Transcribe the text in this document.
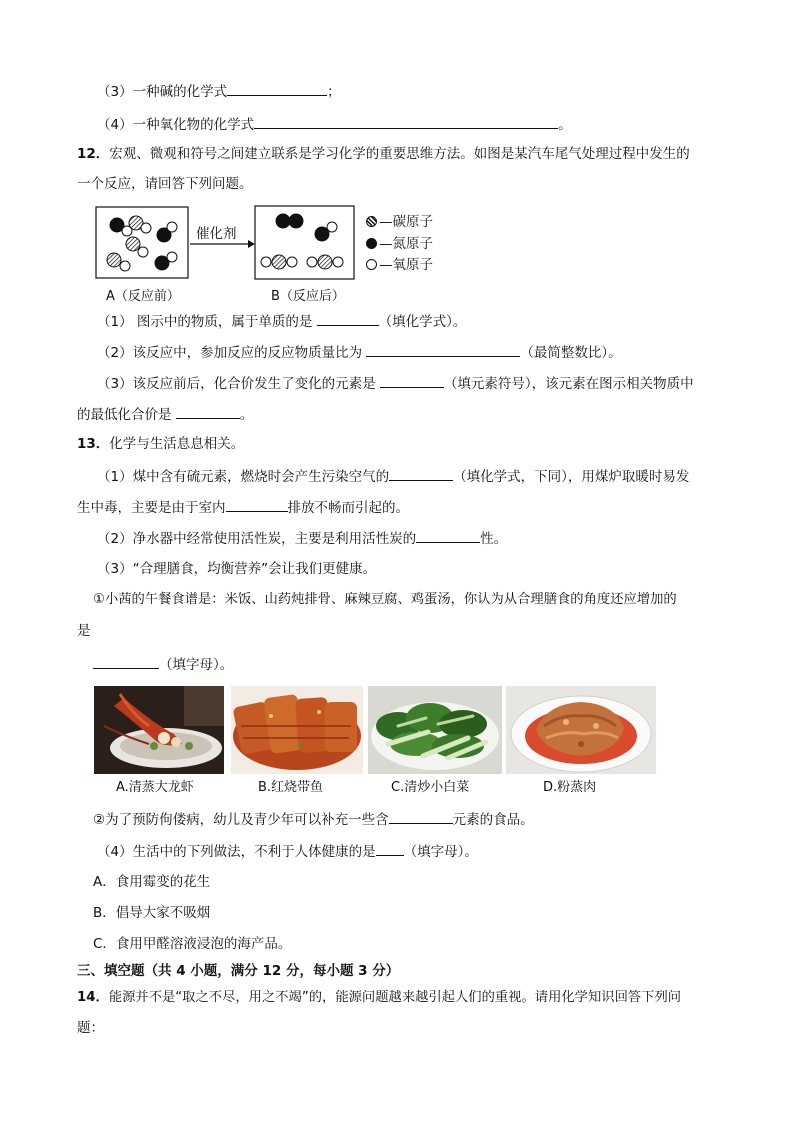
（3）一种碱的化学式	；
（4）一种氧化物的化学式	。
12．宏观、微观和符号之间建立联系是学习化学的重要思维方法。如图是某汽车尾气处理过程中发生的
一个反应，请回答下列问题。
催化剂
—碳原子
—氮原子
—氧原子
A（反应前）	B（反应后）
（1） 图示中的物质，属于单质的是	（填化学式）。
（2）该反应中，参加反应的反应物质量比为	（最简整数比）。
（3）该反应前后，化合价发生了变化的元素是	（填元素符号），该元素在图示相关物质中
的最低化合价是	。
13．化学与生活息息相关。
（1）煤中含有硫元素，燃烧时会产生污染空气的	（填化学式，下同），用煤炉取暖时易发
生中毒，主要是由于室内	排放不畅而引起的。
（2）净水器中经常使用活性炭，主要是利用活性炭的	性。
（3）“合理膳食，均衡营养”会让我们更健康。
①小茜的午餐食谱是：米饭、山药炖排骨、麻辣豆腐、鸡蛋汤，你认为从合理膳食的角度还应增加的
是
（填字母）。
A.清蒸大龙虾	B.红烧带鱼	C.清炒小白菜	D.粉蒸肉
②为了预防佝偻病，幼儿及青少年可以补充一些含	元素的食品。
（4）生活中的下列做法，不利于人体健康的是 （填字母）。
A．食用霉变的花生
B．倡导大家不吸烟
C．食用甲醛溶液浸泡的海产品。
三、填空题（共 4 小题，满分 12 分，每小题 3 分）
14．能源并不是“取之不尽，用之不竭”的，能源问题越来越引起人们的重视。请用化学知识回答下列问
题：
